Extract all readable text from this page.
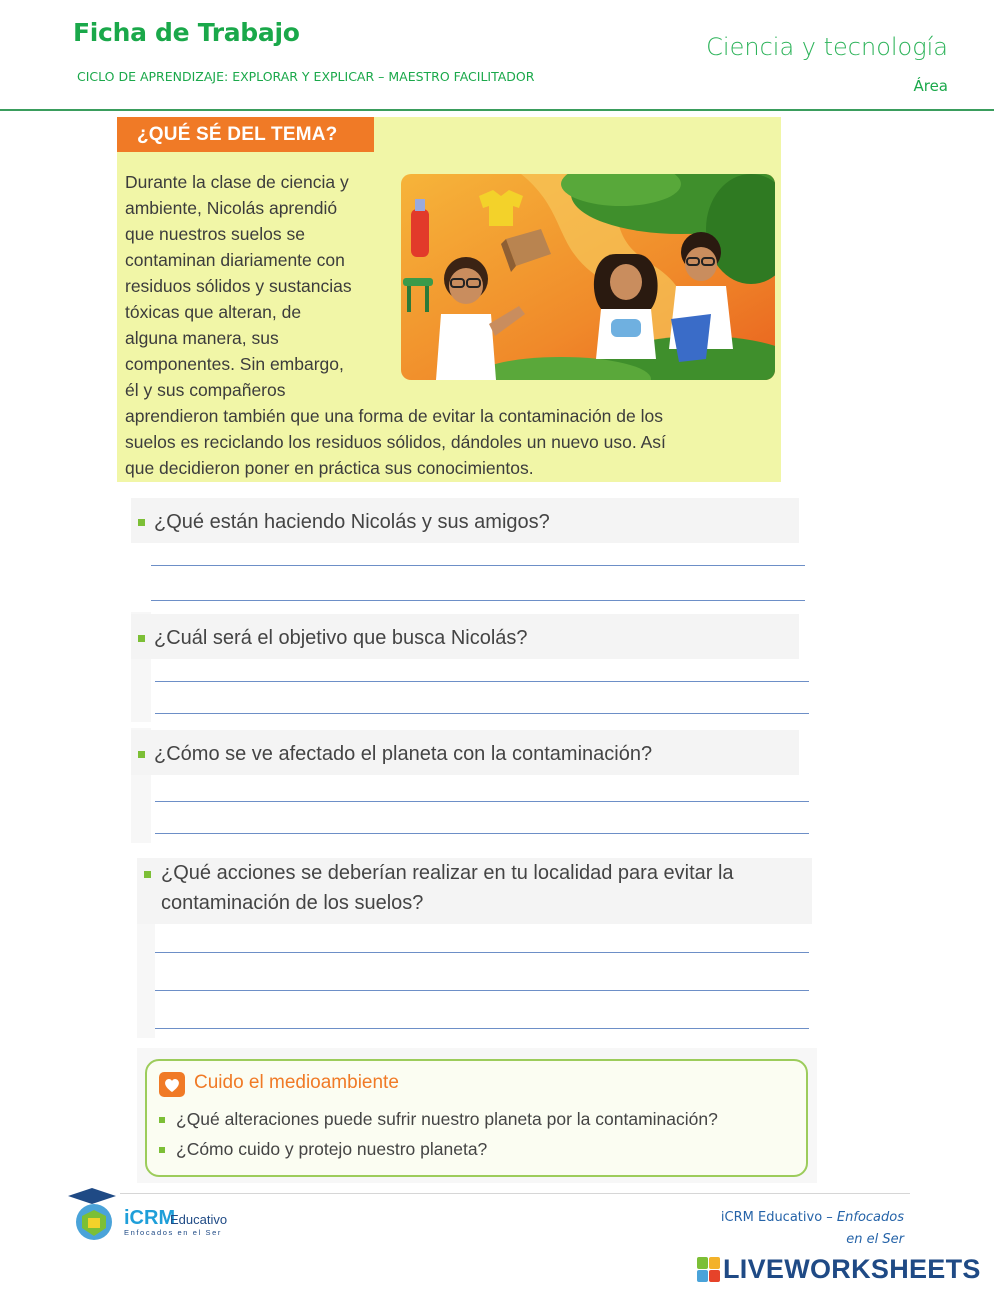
Ficha de Trabajo	Ciencia y tecnología
CICLO DE APRENDIZAJE: EXPLORAR Y EXPLICAR – MAESTRO FACILITADOR
Área
¿QUÉ SÉ DEL TEMA?
Durante la clase de ciencia y
ambiente, Nicolás aprendió
que nuestros suelos se
contaminan diariamente con
residuos sólidos y sustancias
tóxicas que alteran, de
alguna manera, sus
componentes. Sin embargo,
él y sus compañeros
aprendieron también que una forma de evitar la contaminación de los
suelos es reciclando los residuos sólidos, dándoles un nuevo uso. Así
que decidieron poner en práctica sus conocimientos.
¿Qué están haciendo Nicolás y sus amigos?
¿Cuál será el objetivo que busca Nicolás?
¿Cómo se ve afectado el planeta con la contaminación?
¿Qué acciones se deberían realizar en tu localidad para evitar la
contaminación de los suelos?
Cuido el medioambiente
¿Qué alteraciones puede sufrir nuestro planeta por la contaminación?
¿Cómo cuido y protejo nuestro planeta?
iCRM
Educativo
Enfocados en el Ser
iCRM Educativo – Enfocados
en el Ser
LIVEWORKSHEETS
